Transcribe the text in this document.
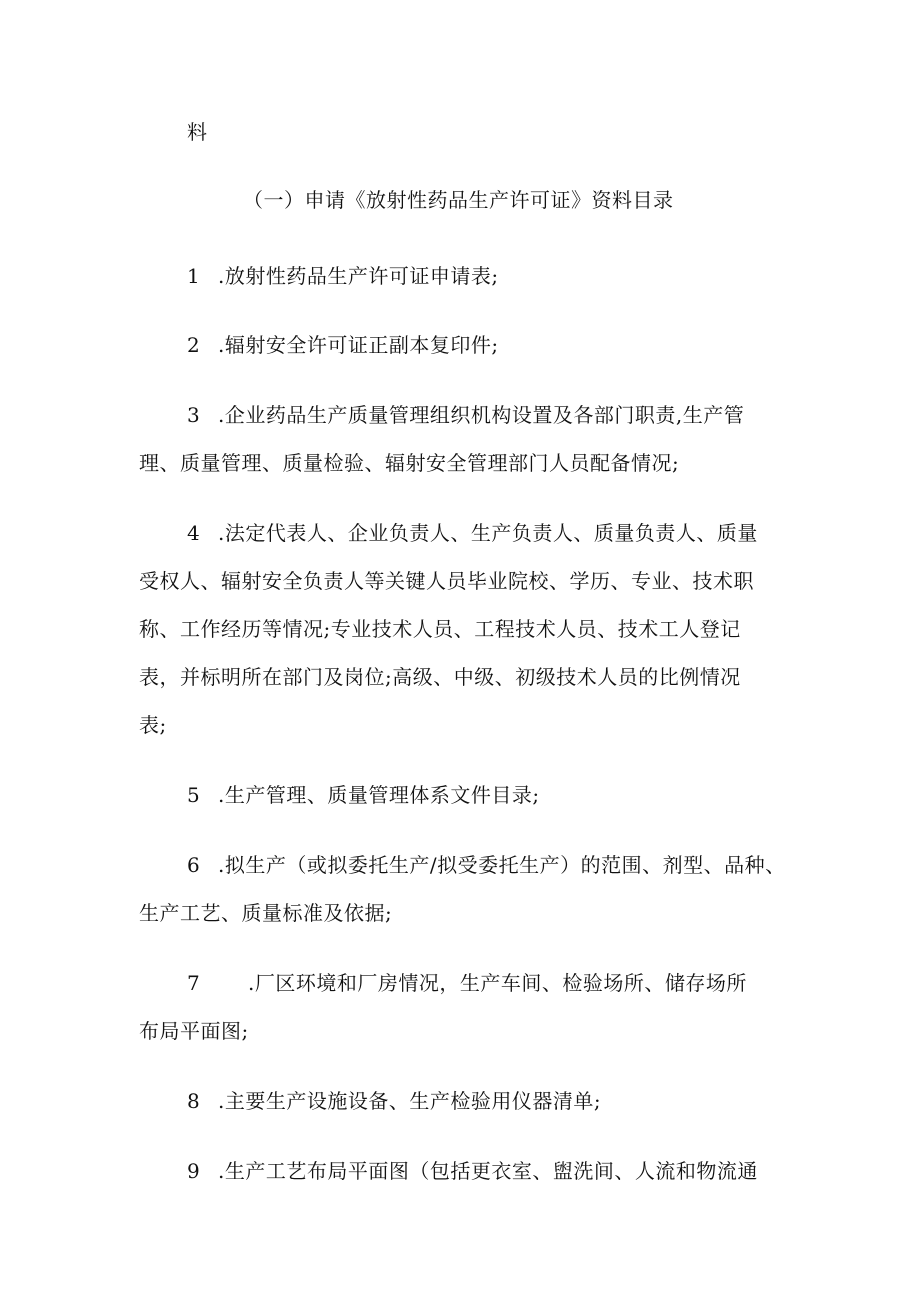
料
（一）申请《放射性药品生产许可证》资料目录
1 .放射性药品生产许可证申请表;
2 .辐射安全许可证正副本复印件;
3 .企业药品生产质量管理组织机构设置及各部门职责,生产管
理、质量管理、质量检验、辐射安全管理部门人员配备情况;
4 .法定代表人、企业负责人、生产负责人、质量负责人、质量
受权人、辐射安全负责人等关键人员毕业院校、学历、专业、技术职
称、工作经历等情况;专业技术人员、工程技术人员、技术工人登记
表，并标明所在部门及岗位;高级、中级、初级技术人员的比例情况
表;
5 .生产管理、质量管理体系文件目录;
6 .拟生产（或拟委托生产/拟受委托生产）的范围、剂型、品种、
生产工艺、质量标准及依据;
7 .厂区环境和厂房情况，生产车间、检验场所、储存场所
布局平面图;
8 .主要生产设施设备、生产检验用仪器清单;
9 .生产工艺布局平面图（包括更衣室、盥洗间、人流和物流通
